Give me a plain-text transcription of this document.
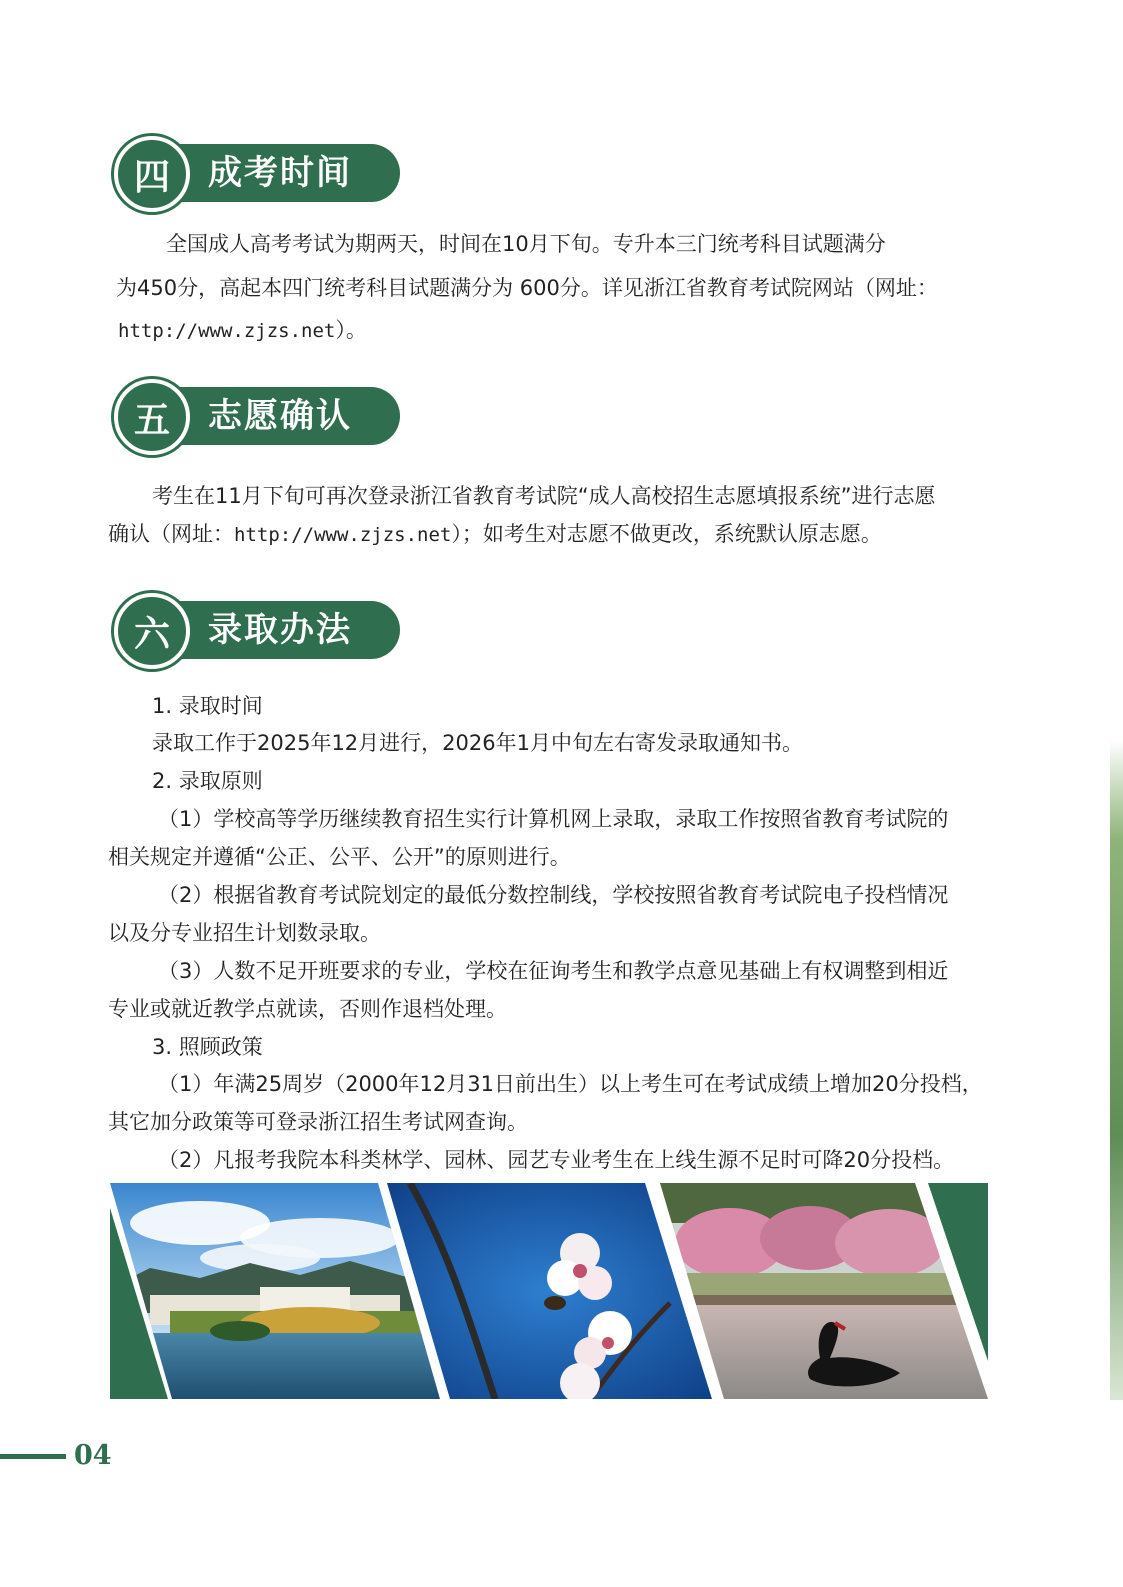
四	成考时间
全国成人高考考试为期两天，时间在10月下旬。专升本三门统考科目试题满分
为450分，高起本四门统考科目试题满分为 600分。详见浙江省教育考试院网站（网址：
http://www.zjzs.net）。
五	志愿确认
考生在11月下旬可再次登录浙江省教育考试院“成人高校招生志愿填报系统”进行志愿
确认（网址：http://www.zjzs.net）；如考生对志愿不做更改，系统默认原志愿。
六	录取办法
1. 录取时间
录取工作于2025年12月进行，2026年1月中旬左右寄发录取通知书。
2. 录取原则
（1）学校高等学历继续教育招生实行计算机网上录取，录取工作按照省教育考试院的
相关规定并遵循“公正、公平、公开”的原则进行。
（2）根据省教育考试院划定的最低分数控制线，学校按照省教育考试院电子投档情况
以及分专业招生计划数录取。
（3）人数不足开班要求的专业，学校在征询考生和教学点意见基础上有权调整到相近
专业或就近教学点就读，否则作退档处理。
3. 照顾政策
（1）年满25周岁（2000年12月31日前出生）以上考生可在考试成绩上增加20分投档，
其它加分政策等可登录浙江招生考试网查询。
（2）凡报考我院本科类林学、园林、园艺专业考生在上线生源不足时可降20分投档。
04
